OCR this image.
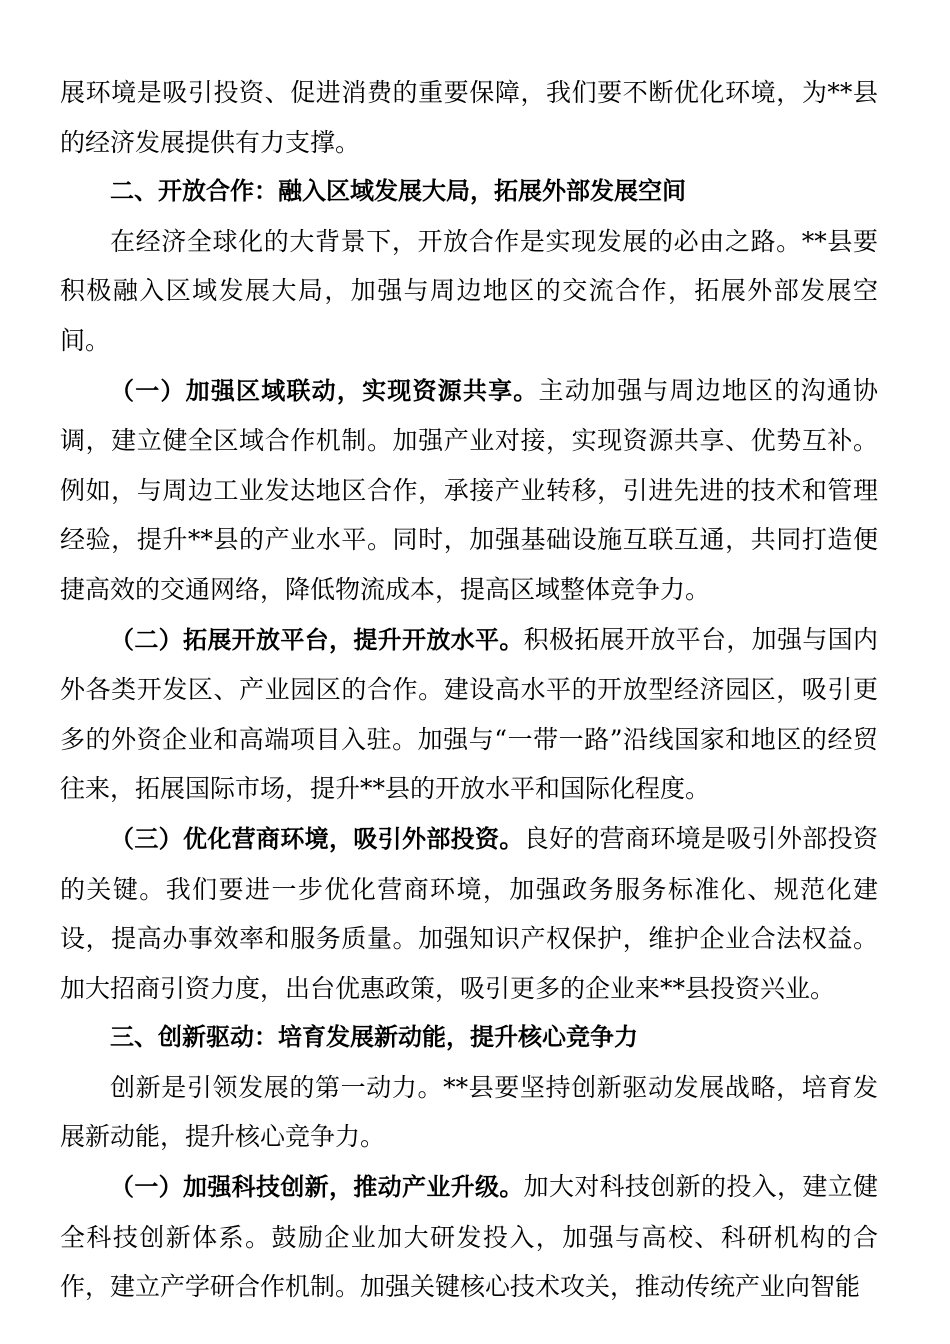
展环境是吸引投资、促进消费的重要保障，我们要不断优化环境，为**县的经济发展提供有力支撑。

二、开放合作：融入区域发展大局，拓展外部发展空间

在经济全球化的大背景下，开放合作是实现发展的必由之路。**县要积极融入区域发展大局，加强与周边地区的交流合作，拓展外部发展空间。

（一）加强区域联动，实现资源共享。主动加强与周边地区的沟通协调，建立健全区域合作机制。加强产业对接，实现资源共享、优势互补。例如，与周边工业发达地区合作，承接产业转移，引进先进的技术和管理经验，提升**县的产业水平。同时，加强基础设施互联互通，共同打造便捷高效的交通网络，降低物流成本，提高区域整体竞争力。

（二）拓展开放平台，提升开放水平。积极拓展开放平台，加强与国内外各类开发区、产业园区的合作。建设高水平的开放型经济园区，吸引更多的外资企业和高端项目入驻。加强与“一带一路”沿线国家和地区的经贸往来，拓展国际市场，提升**县的开放水平和国际化程度。

（三）优化营商环境，吸引外部投资。良好的营商环境是吸引外部投资的关键。我们要进一步优化营商环境，加强政务服务标准化、规范化建设，提高办事效率和服务质量。加强知识产权保护，维护企业合法权益。加大招商引资力度，出台优惠政策，吸引更多的企业来**县投资兴业。

三、创新驱动：培育发展新动能，提升核心竞争力

创新是引领发展的第一动力。**县要坚持创新驱动发展战略，培育发展新动能，提升核心竞争力。

（一）加强科技创新，推动产业升级。加大对科技创新的投入，建立健全科技创新体系。鼓励企业加大研发投入，加强与高校、科研机构的合作，建立产学研合作机制。加强关键核心技术攻关，推动传统产业向智能
